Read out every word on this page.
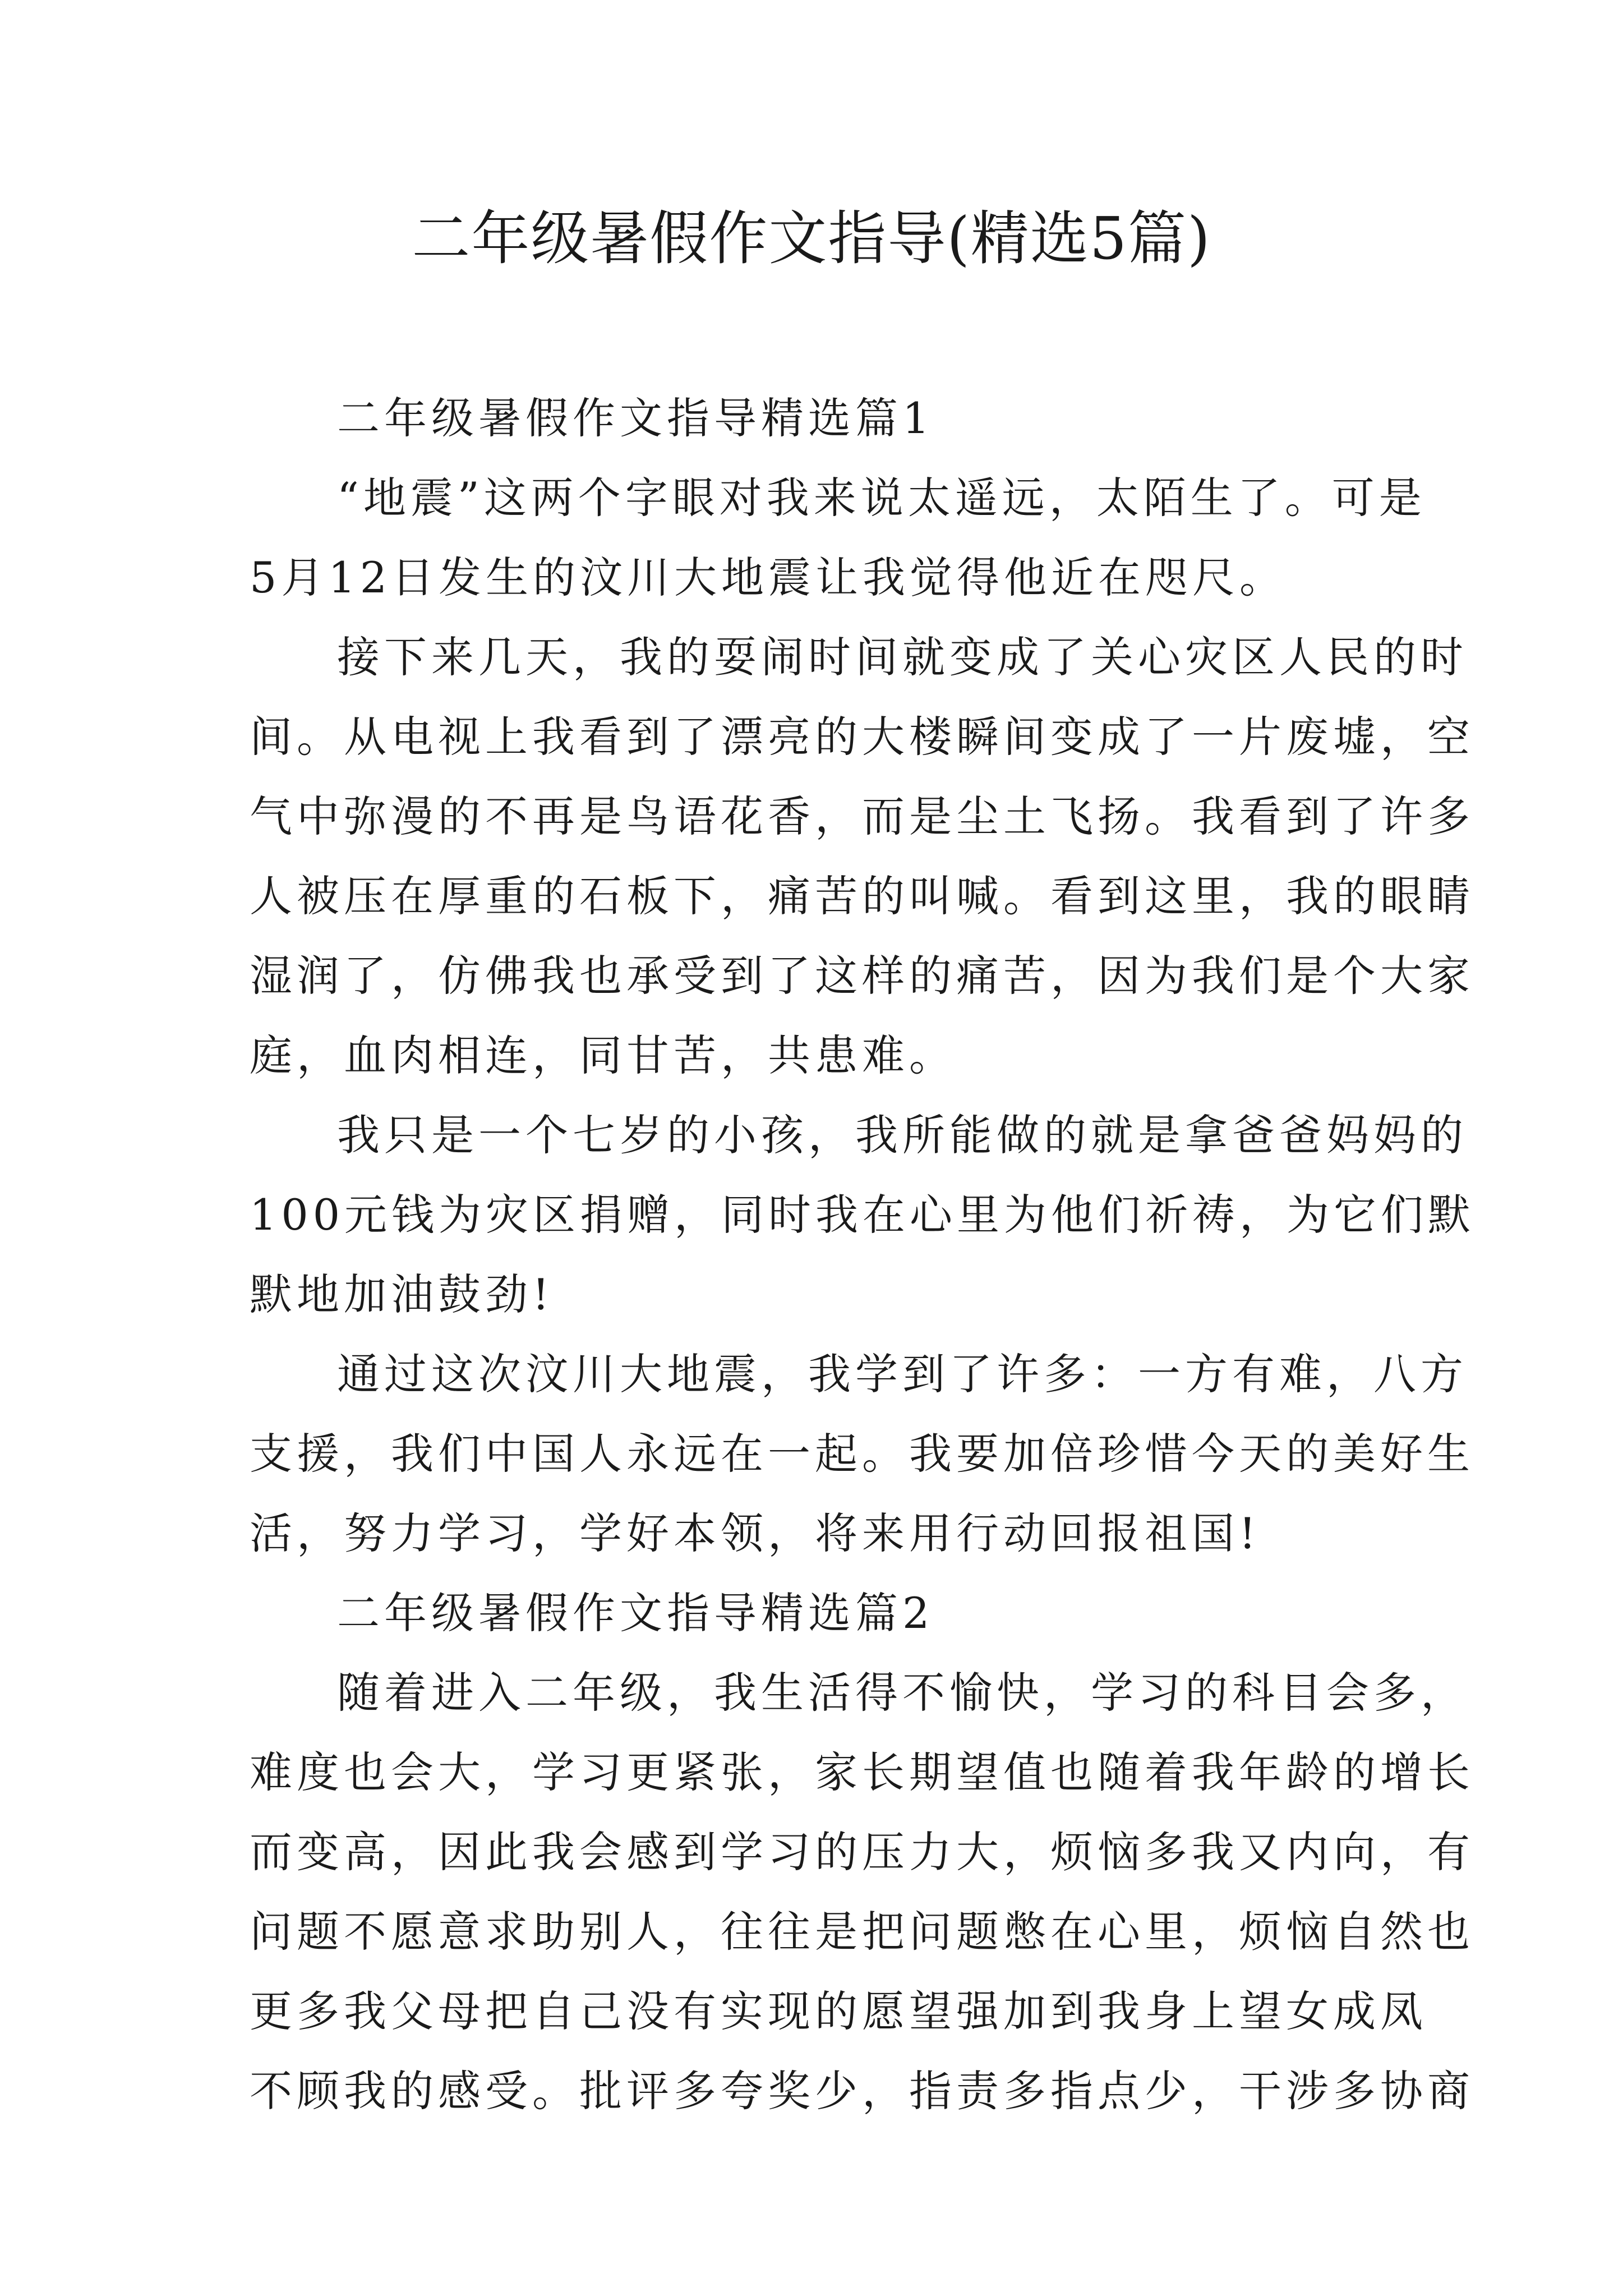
二年级暑假作文指导(精选5篇)
二年级暑假作文指导精选篇1
“地震”这两个字眼对我来说太遥远，太陌生了。可是
5月12日发生的汶川大地震让我觉得他近在咫尺。
接下来几天，我的耍闹时间就变成了关心灾区人民的时
间。从电视上我看到了漂亮的大楼瞬间变成了一片废墟，空
气中弥漫的不再是鸟语花香，而是尘土飞扬。我看到了许多
人被压在厚重的石板下，痛苦的叫喊。看到这里，我的眼睛
湿润了，仿佛我也承受到了这样的痛苦，因为我们是个大家
庭，血肉相连，同甘苦，共患难。
我只是一个七岁的小孩，我所能做的就是拿爸爸妈妈的
100元钱为灾区捐赠，同时我在心里为他们祈祷，为它们默
默地加油鼓劲!
通过这次汶川大地震，我学到了许多：一方有难，八方
支援，我们中国人永远在一起。我要加倍珍惜今天的美好生
活，努力学习，学好本领，将来用行动回报祖国!
二年级暑假作文指导精选篇2
随着进入二年级，我生活得不愉快，学习的科目会多，
难度也会大，学习更紧张，家长期望值也随着我年龄的增长
而变高，因此我会感到学习的压力大，烦恼多我又内向，有
问题不愿意求助别人，往往是把问题憋在心里，烦恼自然也
更多我父母把自己没有实现的愿望强加到我身上望女成凤
不顾我的感受。批评多夸奖少，指责多指点少，干涉多协商
